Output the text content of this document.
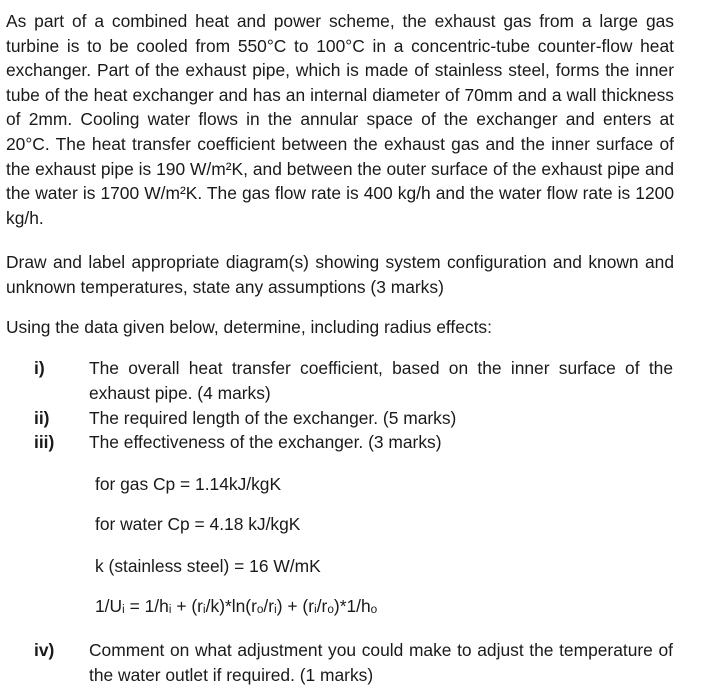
As part of a combined heat and power scheme, the exhaust gas from a large gas turbine is to be cooled from 550°C to 100°C in a concentric-tube counter-flow heat exchanger. Part of the exhaust pipe, which is made of stainless steel, forms the inner tube of the heat exchanger and has an internal diameter of 70mm and a wall thickness of 2mm. Cooling water flows in the annular space of the exchanger and enters at 20°C. The heat transfer coefficient between the exhaust gas and the inner surface of the exhaust pipe is 190 W/m²K, and between the outer surface of the exhaust pipe and the water is 1700 W/m²K. The gas flow rate is 400 kg/h and the water flow rate is 1200 kg/h.

Draw and label appropriate diagram(s) showing system configuration and known and unknown temperatures, state any assumptions (3 marks)

Using the data given below, determine, including radius effects:

i)	The overall heat transfer coefficient, based on the inner surface of the exhaust pipe. (4 marks)
ii) The required length of the exchanger. (5 marks)
iii) The effectiveness of the exchanger. (3 marks)
for gas Cp = 1.14kJ/kgK
for water Cp = 4.18 kJ/kgK
k (stainless steel) = 16 W/mK
1/Uᵢ = 1/hᵢ + (rᵢ/k)*ln(rₒ/rᵢ) + (rᵢ/rₒ)*1/hₒ
iv) Comment on what adjustment you could make to adjust the temperature of the water outlet if required. (1 marks)
